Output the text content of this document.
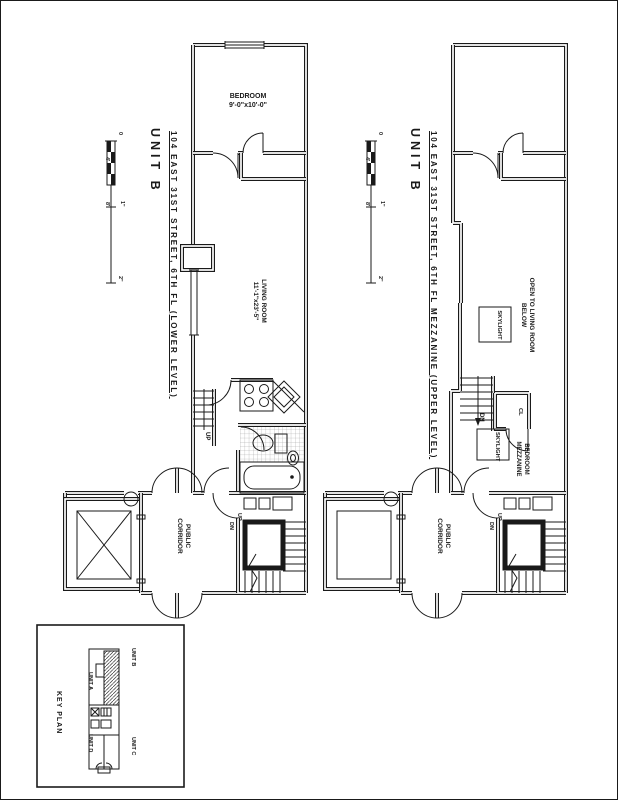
UNIT B 104 EAST 31ST STREET, 6TH FL (LOWER LEVEL)	UNIT B 104 EAST 31ST STREET, 6TH FL MEZZANINE (UPPER LEVEL)
BEDROOM
9'-0"x10'-0"
LIVING ROOM
11'-1"x23'-5"
UP
PUBLIC
CORRIDOR
UP
DN
OPEN TO LIVING ROOM
BELOW
SKYLIGHT
SKYLIGHT	BEDROOM
MEZZANINE
CL
DN
PUBLIC
CORRIDOR
UP
DN
KEY PLAN
UNIT B
UNIT A
UNIT D	UNIT C
0
4'
8' 1"
2"
0
4'
8' 1"
2"
